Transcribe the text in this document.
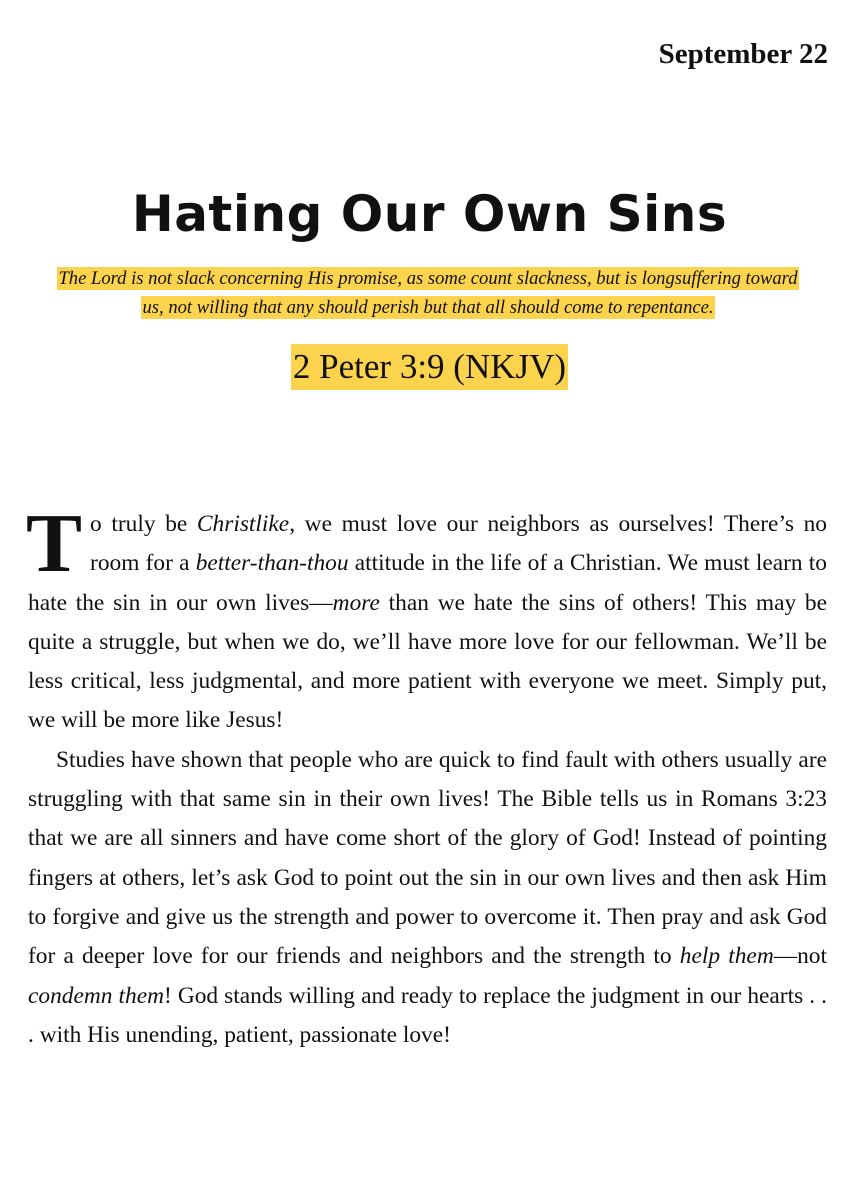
September 22
Hating Our Own Sins
The Lord is not slack concerning His promise, as some count slackness, but is longsuffering toward
us, not willing that any should perish but that all should come to repentance.
2 Peter 3:9 (NKJV)

To truly be Christlike, we must love our neighbors as ourselves! There’s no room for a better-than-thou attitude in the life of a Christian. We must learn to hate the sin in our own lives—more than we hate the sins of others! This may be quite a struggle, but when we do, we’ll have more love for our fellowman. We’ll be less critical, less judgmental, and more patient with everyone we meet. Simply put, we will be more like Jesus!

Studies have shown that people who are quick to find fault with others usually are struggling with that same sin in their own lives! The Bible tells us in Romans 3:23 that we are all sinners and have come short of the glory of God! Instead of pointing fingers at others, let’s ask God to point out the sin in our own lives and then ask Him to forgive and give us the strength and power to overcome it. Then pray and ask God for a deeper love for our friends and neighbors and the strength to help them—not condemn them! God stands willing and ready to replace the judgment in our hearts . . . with His unending, patient, passionate love!
